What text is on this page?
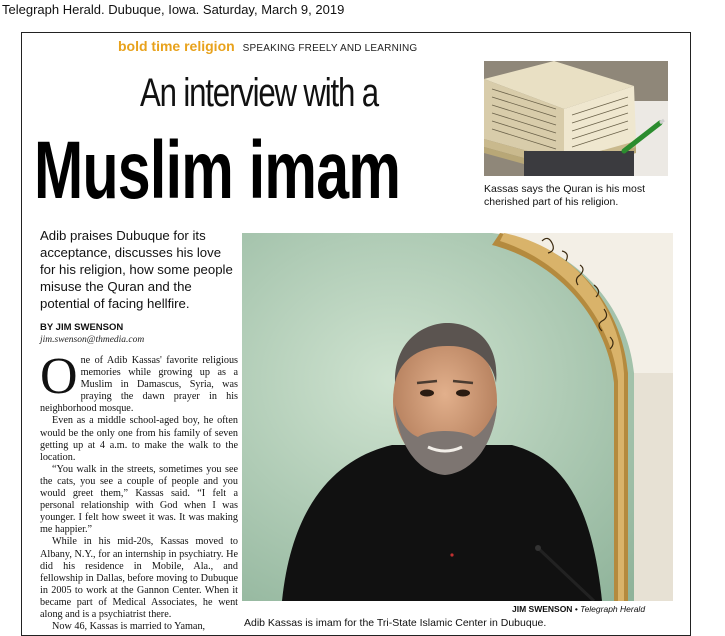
Telegraph Herald. Dubuque, Iowa. Saturday, March 9, 2019
bold time religion SPEAKING FREELY AND LEARNING
An interview with a
Muslim imam	Kassas says the Quran is his most cherished part of his religion.
Adib praises Dubuque for its acceptance, discusses his love for his religion, how some people misuse the Quran and the potential of facing hellfire.
BY JIM SWENSON
jim.swenson@thmedia.com

One of Adib Kassas' favorite religious memories while growing up as a Muslim in Damascus, Syria, was praying the dawn prayer in his neighborhood mosque.

Even as a middle school-aged boy, he often would be the only one from his family of seven getting up at 4 a.m. to make the walk to the location.

“You walk in the streets, sometimes you see the cats, you see a couple of people and you would greet them,” Kassas said. “I felt a personal relationship with God when I was younger. I felt how sweet it was. It was making me happier.”

While in his mid-20s, Kassas moved to Albany, N.Y., for an internship in psychiatry. He did his residence in Mobile, Ala., and fellowship in Dallas, before moving to Dubuque in 2005 to work at the Gannon Center. When it became part of Medical Associates, he went along and is a psychiatrist there.

Now 46, Kassas is married to Yaman,

JIM SWENSON • Telegraph Herald
Adib Kassas is imam for the Tri-State Islamic Center in Dubuque.
